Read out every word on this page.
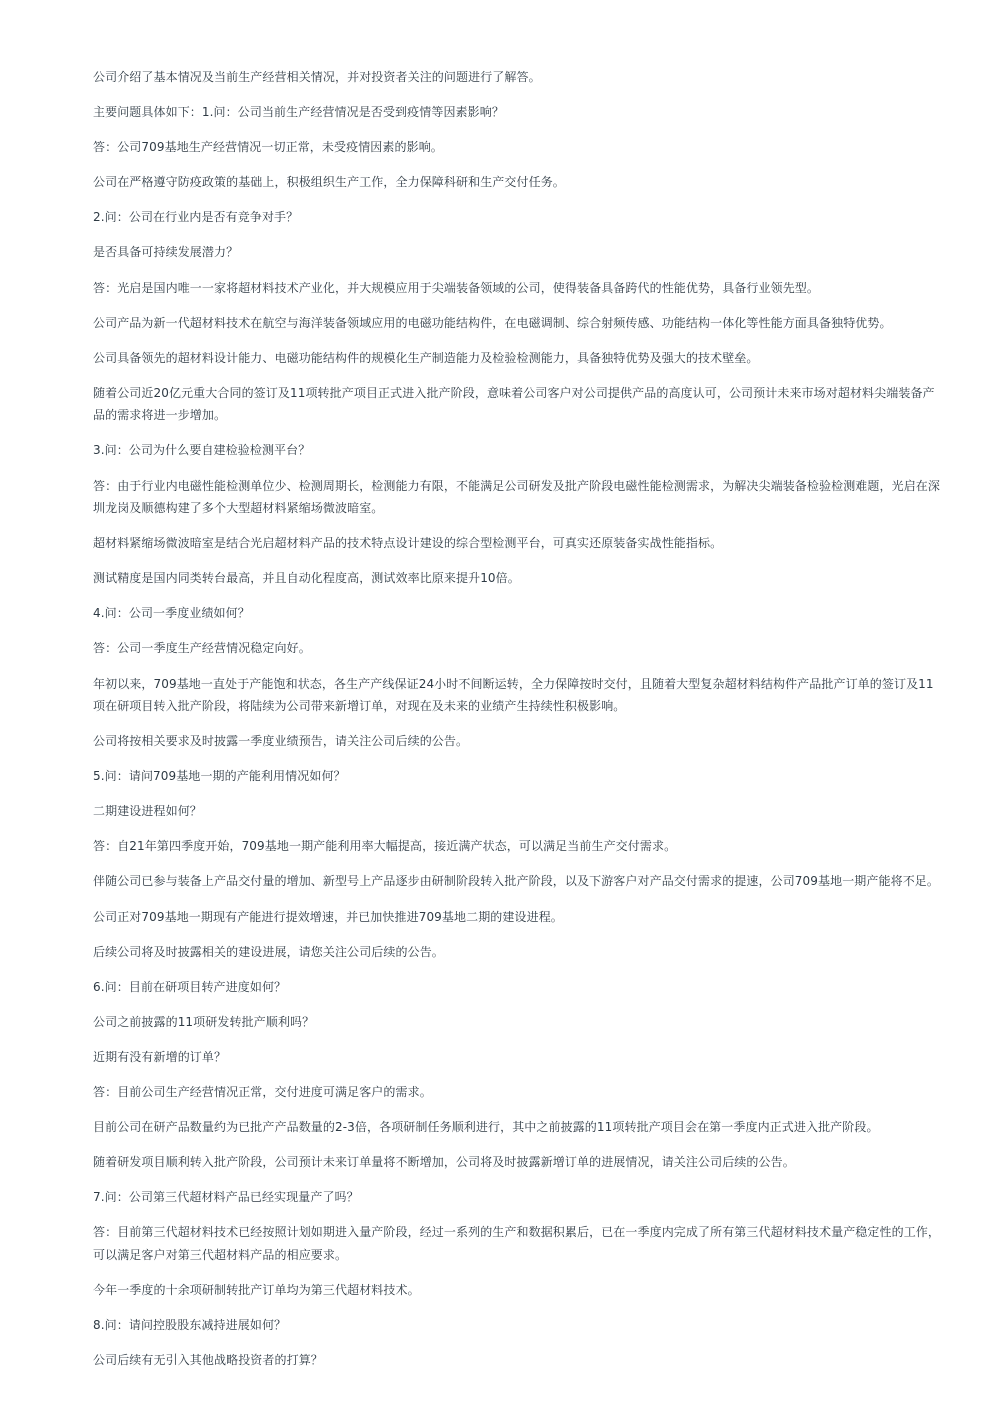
公司介绍了基本情况及当前生产经营相关情况，并对投资者关注的问题进行了解答。

主要问题具体如下：1.问：公司当前生产经营情况是否受到疫情等因素影响？

答：公司709基地生产经营情况一切正常，未受疫情因素的影响。

公司在严格遵守防疫政策的基础上，积极组织生产工作，全力保障科研和生产交付任务。

2.问：公司在行业内是否有竞争对手？

是否具备可持续发展潜力？

答：光启是国内唯一一家将超材料技术产业化，并大规模应用于尖端装备领域的公司，使得装备具备跨代的性能优势，具备行业领先型。

公司产品为新一代超材料技术在航空与海洋装备领域应用的电磁功能结构件，在电磁调制、综合射频传感、功能结构一体化等性能方面具备独特优势。

公司具备领先的超材料设计能力、电磁功能结构件的规模化生产制造能力及检验检测能力，具备独特优势及强大的技术壁垒。

随着公司近20亿元重大合同的签订及11项转批产项目正式进入批产阶段，意味着公司客户对公司提供产品的高度认可，公司预计未来市场对超材料尖端装备产品的需求将进一步增加。

3.问：公司为什么要自建检验检测平台？

答：由于行业内电磁性能检测单位少、检测周期长，检测能力有限，不能满足公司研发及批产阶段电磁性能检测需求，为解决尖端装备检验检测难题，光启在深圳龙岗及顺德构建了多个大型超材料紧缩场微波暗室。

超材料紧缩场微波暗室是结合光启超材料产品的技术特点设计建设的综合型检测平台，可真实还原装备实战性能指标。

测试精度是国内同类转台最高，并且自动化程度高，测试效率比原来提升10倍。

4.问：公司一季度业绩如何？

答：公司一季度生产经营情况稳定向好。

年初以来，709基地一直处于产能饱和状态，各生产产线保证24小时不间断运转，全力保障按时交付，且随着大型复杂超材料结构件产品批产订单的签订及11项在研项目转入批产阶段，将陆续为公司带来新增订单，对现在及未来的业绩产生持续性积极影响。

公司将按相关要求及时披露一季度业绩预告，请关注公司后续的公告。

5.问：请问709基地一期的产能利用情况如何？

二期建设进程如何？

答：自21年第四季度开始，709基地一期产能利用率大幅提高，接近满产状态，可以满足当前生产交付需求。

伴随公司已参与装备上产品交付量的增加、新型号上产品逐步由研制阶段转入批产阶段，以及下游客户对产品交付需求的提速，公司709基地一期产能将不足。

公司正对709基地一期现有产能进行提效增速，并已加快推进709基地二期的建设进程。

后续公司将及时披露相关的建设进展，请您关注公司后续的公告。

6.问：目前在研项目转产进度如何？

公司之前披露的11项研发转批产顺利吗？

近期有没有新增的订单？

答：目前公司生产经营情况正常，交付进度可满足客户的需求。

目前公司在研产品数量约为已批产产品数量的2-3倍，各项研制任务顺利进行，其中之前披露的11项转批产项目会在第一季度内正式进入批产阶段。

随着研发项目顺利转入批产阶段，公司预计未来订单量将不断增加，公司将及时披露新增订单的进展情况，请关注公司后续的公告。

7.问：公司第三代超材料产品已经实现量产了吗？

答：目前第三代超材料技术已经按照计划如期进入量产阶段，经过一系列的生产和数据积累后，已在一季度内完成了所有第三代超材料技术量产稳定性的工作，可以满足客户对第三代超材料产品的相应要求。

今年一季度的十余项研制转批产订单均为第三代超材料技术。

8.问：请问控股股东减持进展如何？

公司后续有无引入其他战略投资者的打算？
